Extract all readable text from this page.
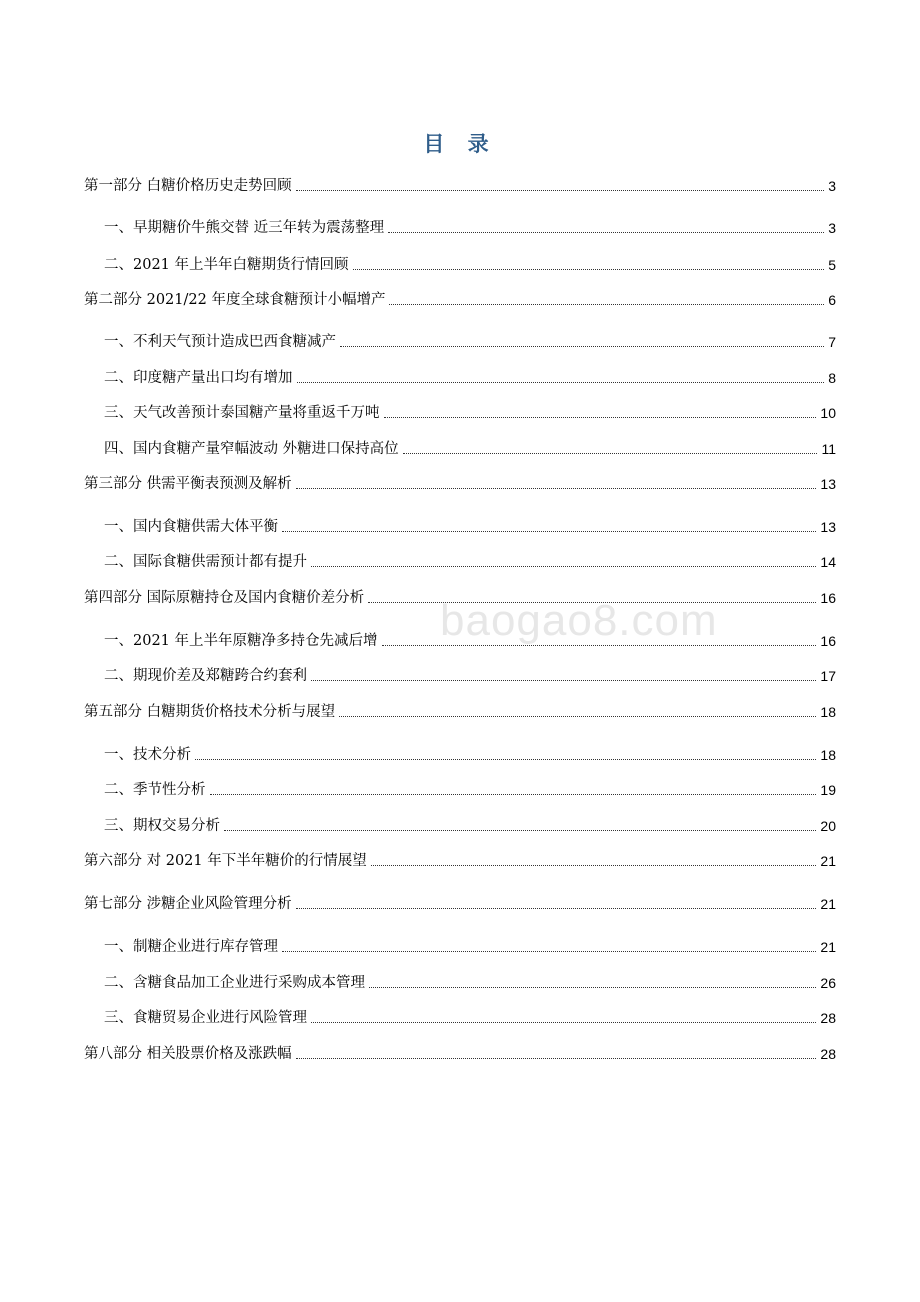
目 录
第一部分 白糖价格历史走势回顾	3
一、早期糖价牛熊交替 近三年转为震荡整理	3
二、2021 年上半年白糖期货行情回顾	5
第二部分 2021/22 年度全球食糖预计小幅增产	6
一、不利天气预计造成巴西食糖减产	7
二、印度糖产量出口均有增加	8
三、天气改善预计泰国糖产量将重返千万吨	10
四、国内食糖产量窄幅波动 外糖进口保持高位	11
第三部分 供需平衡表预测及解析	13
一、国内食糖供需大体平衡	13
二、国际食糖供需预计都有提升	14
第四部分 国际原糖持仓及国内食糖价差分析	16
一、2021 年上半年原糖净多持仓先减后增	16
二、期现价差及郑糖跨合约套利	17
第五部分 白糖期货价格技术分析与展望	18
一、技术分析	18
二、季节性分析	19
三、期权交易分析	20
第六部分 对 2021 年下半年糖价的行情展望	21
第七部分 涉糖企业风险管理分析	21
一、制糖企业进行库存管理	21
二、含糖食品加工企业进行采购成本管理	26
三、食糖贸易企业进行风险管理	28
第八部分 相关股票价格及涨跌幅	28
baogao8.com
